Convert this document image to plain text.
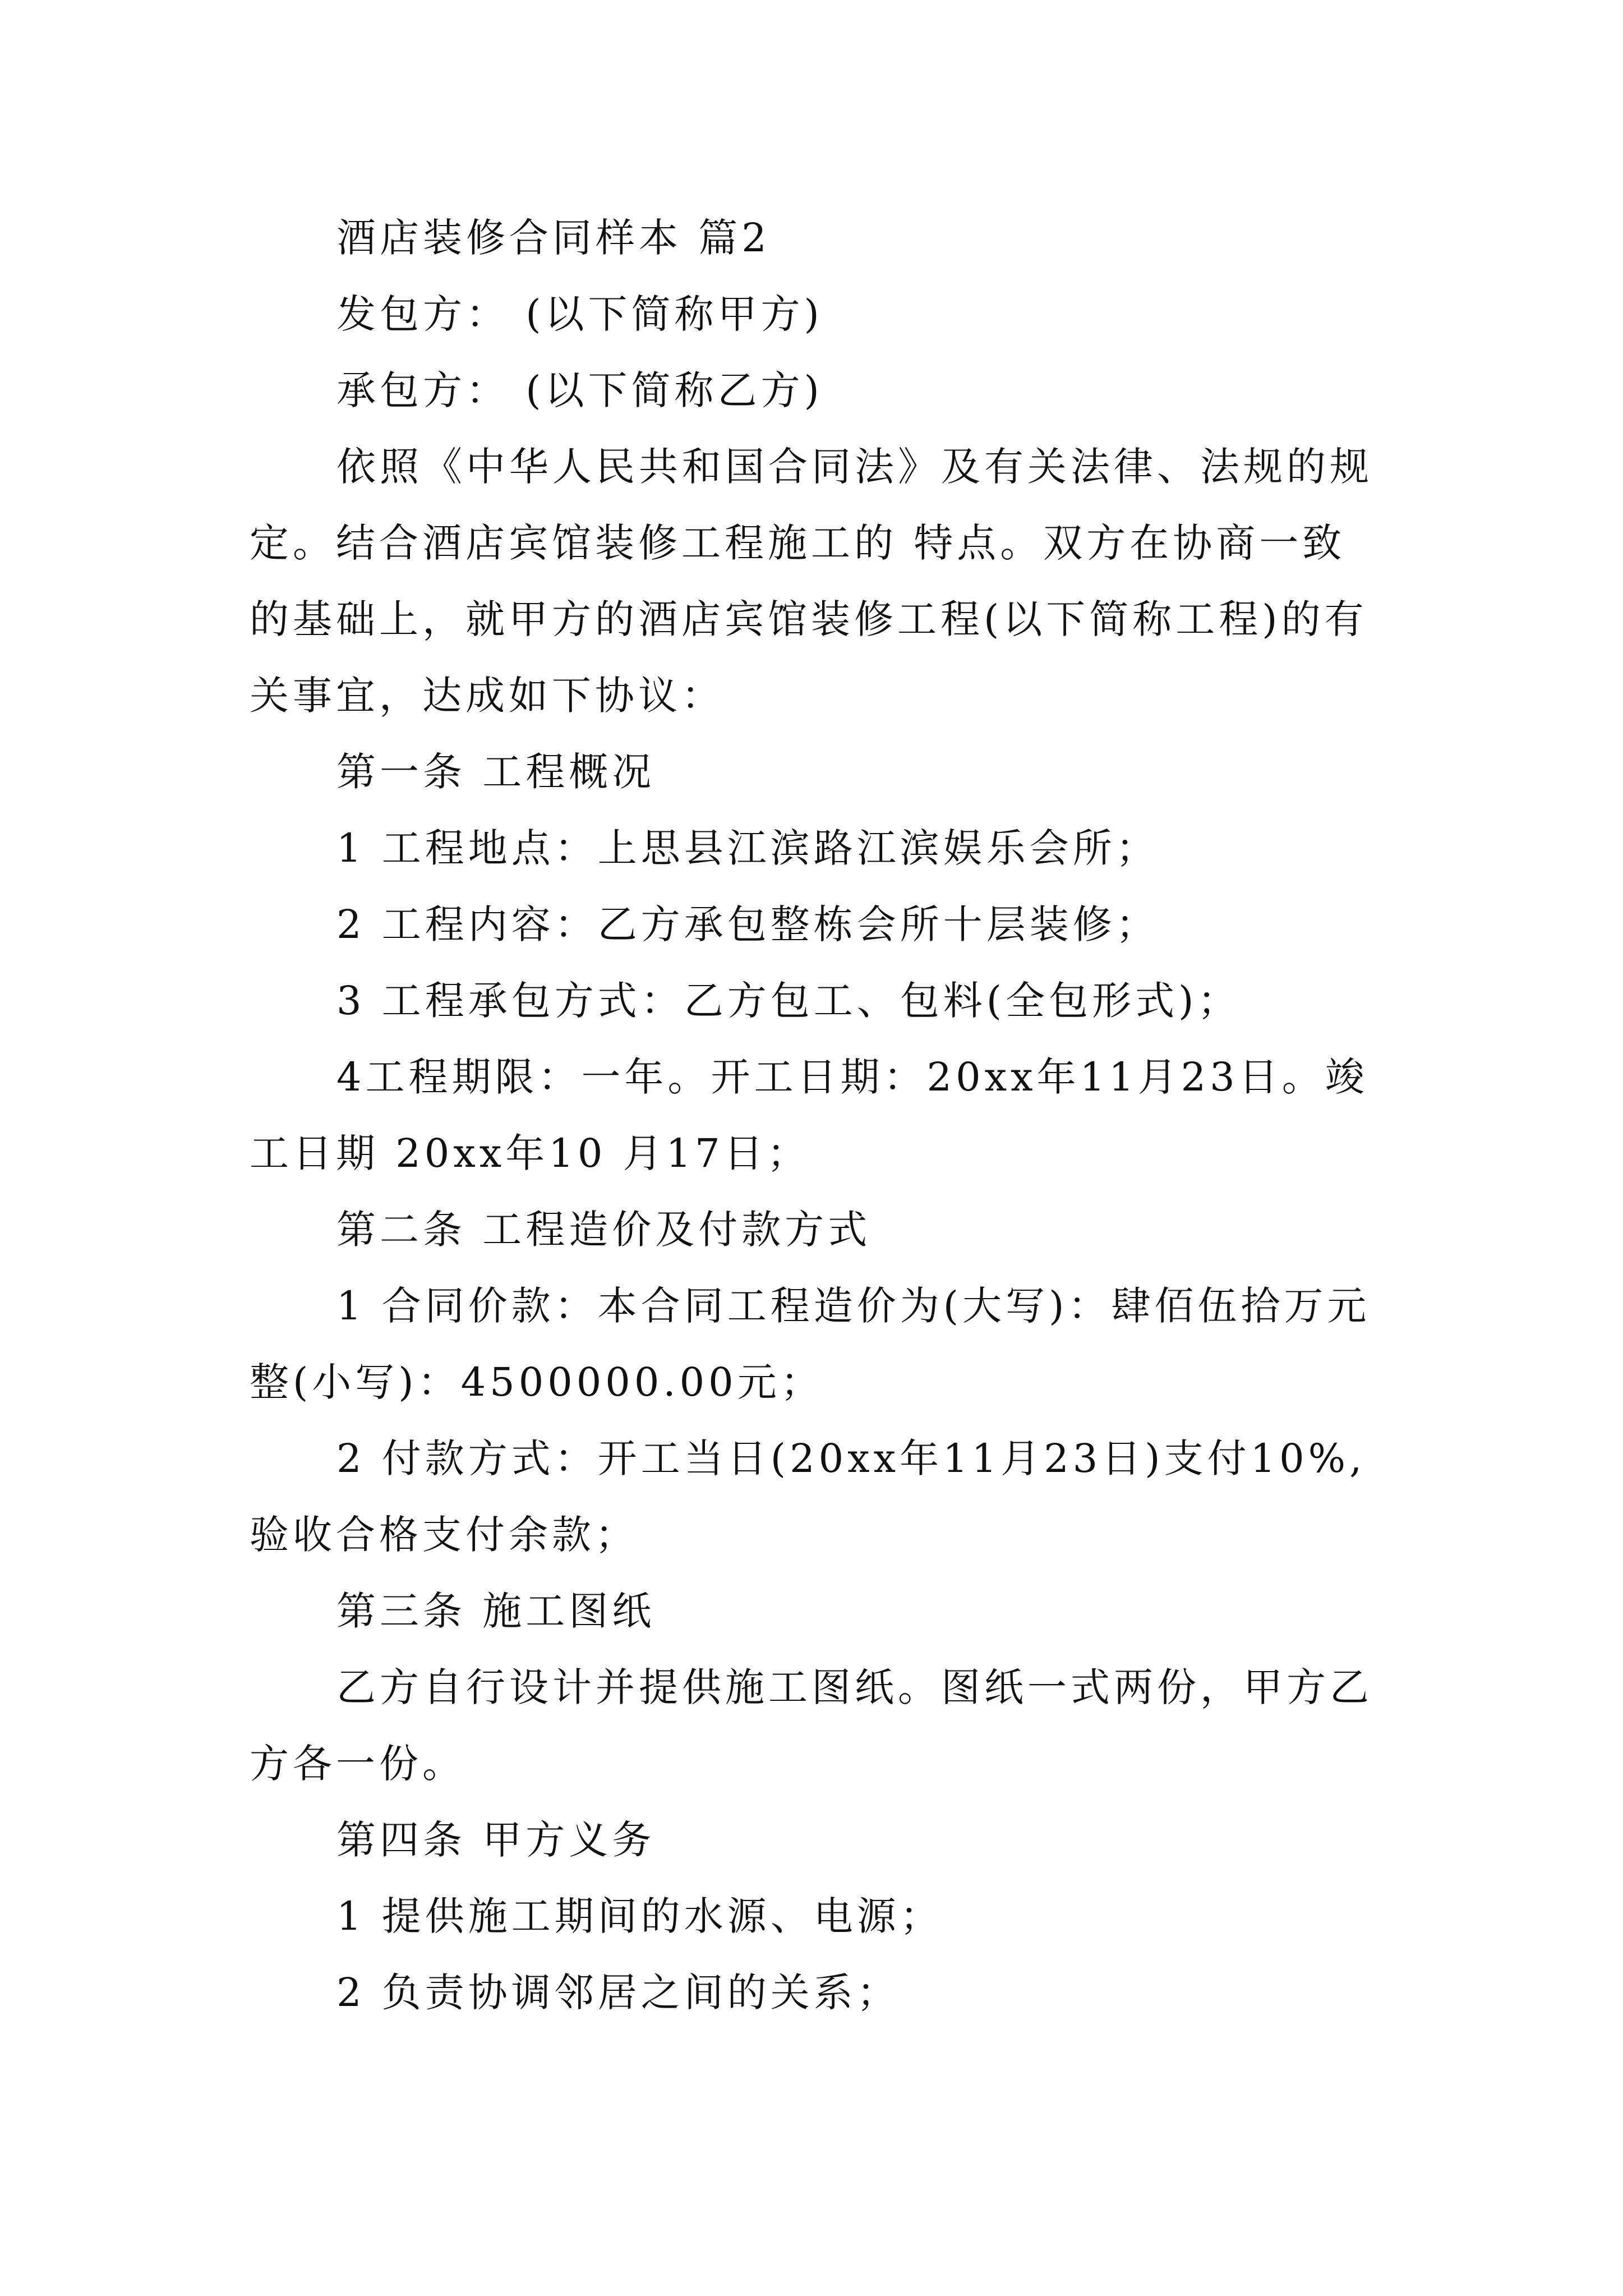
酒店装修合同样本 篇2
发包方： (以下简称甲方)
承包方： (以下简称乙方)
依照《中华人民共和国合同法》及有关法律、法规的规
定。结合酒店宾馆装修工程施工的 特点。双方在协商一致
的基础上，就甲方的酒店宾馆装修工程(以下简称工程)的有
关事宜，达成如下协议：
第一条 工程概况
1 工程地点：上思县江滨路江滨娱乐会所；
2 工程内容：乙方承包整栋会所十层装修；
3 工程承包方式：乙方包工、包料(全包形式)；
4工程期限：一年。开工日期：20xx年11月23日。竣
工日期 20xx年10 月17日；
第二条 工程造价及付款方式
1 合同价款：本合同工程造价为(大写)：肆佰伍拾万元
整(小写)：4500000.00元；
2 付款方式：开工当日(20xx年11月23日)支付10%,
验收合格支付余款；
第三条 施工图纸
乙方自行设计并提供施工图纸。图纸一式两份，甲方乙
方各一份。
第四条 甲方义务
1 提供施工期间的水源、电源；
2 负责协调邻居之间的关系；
